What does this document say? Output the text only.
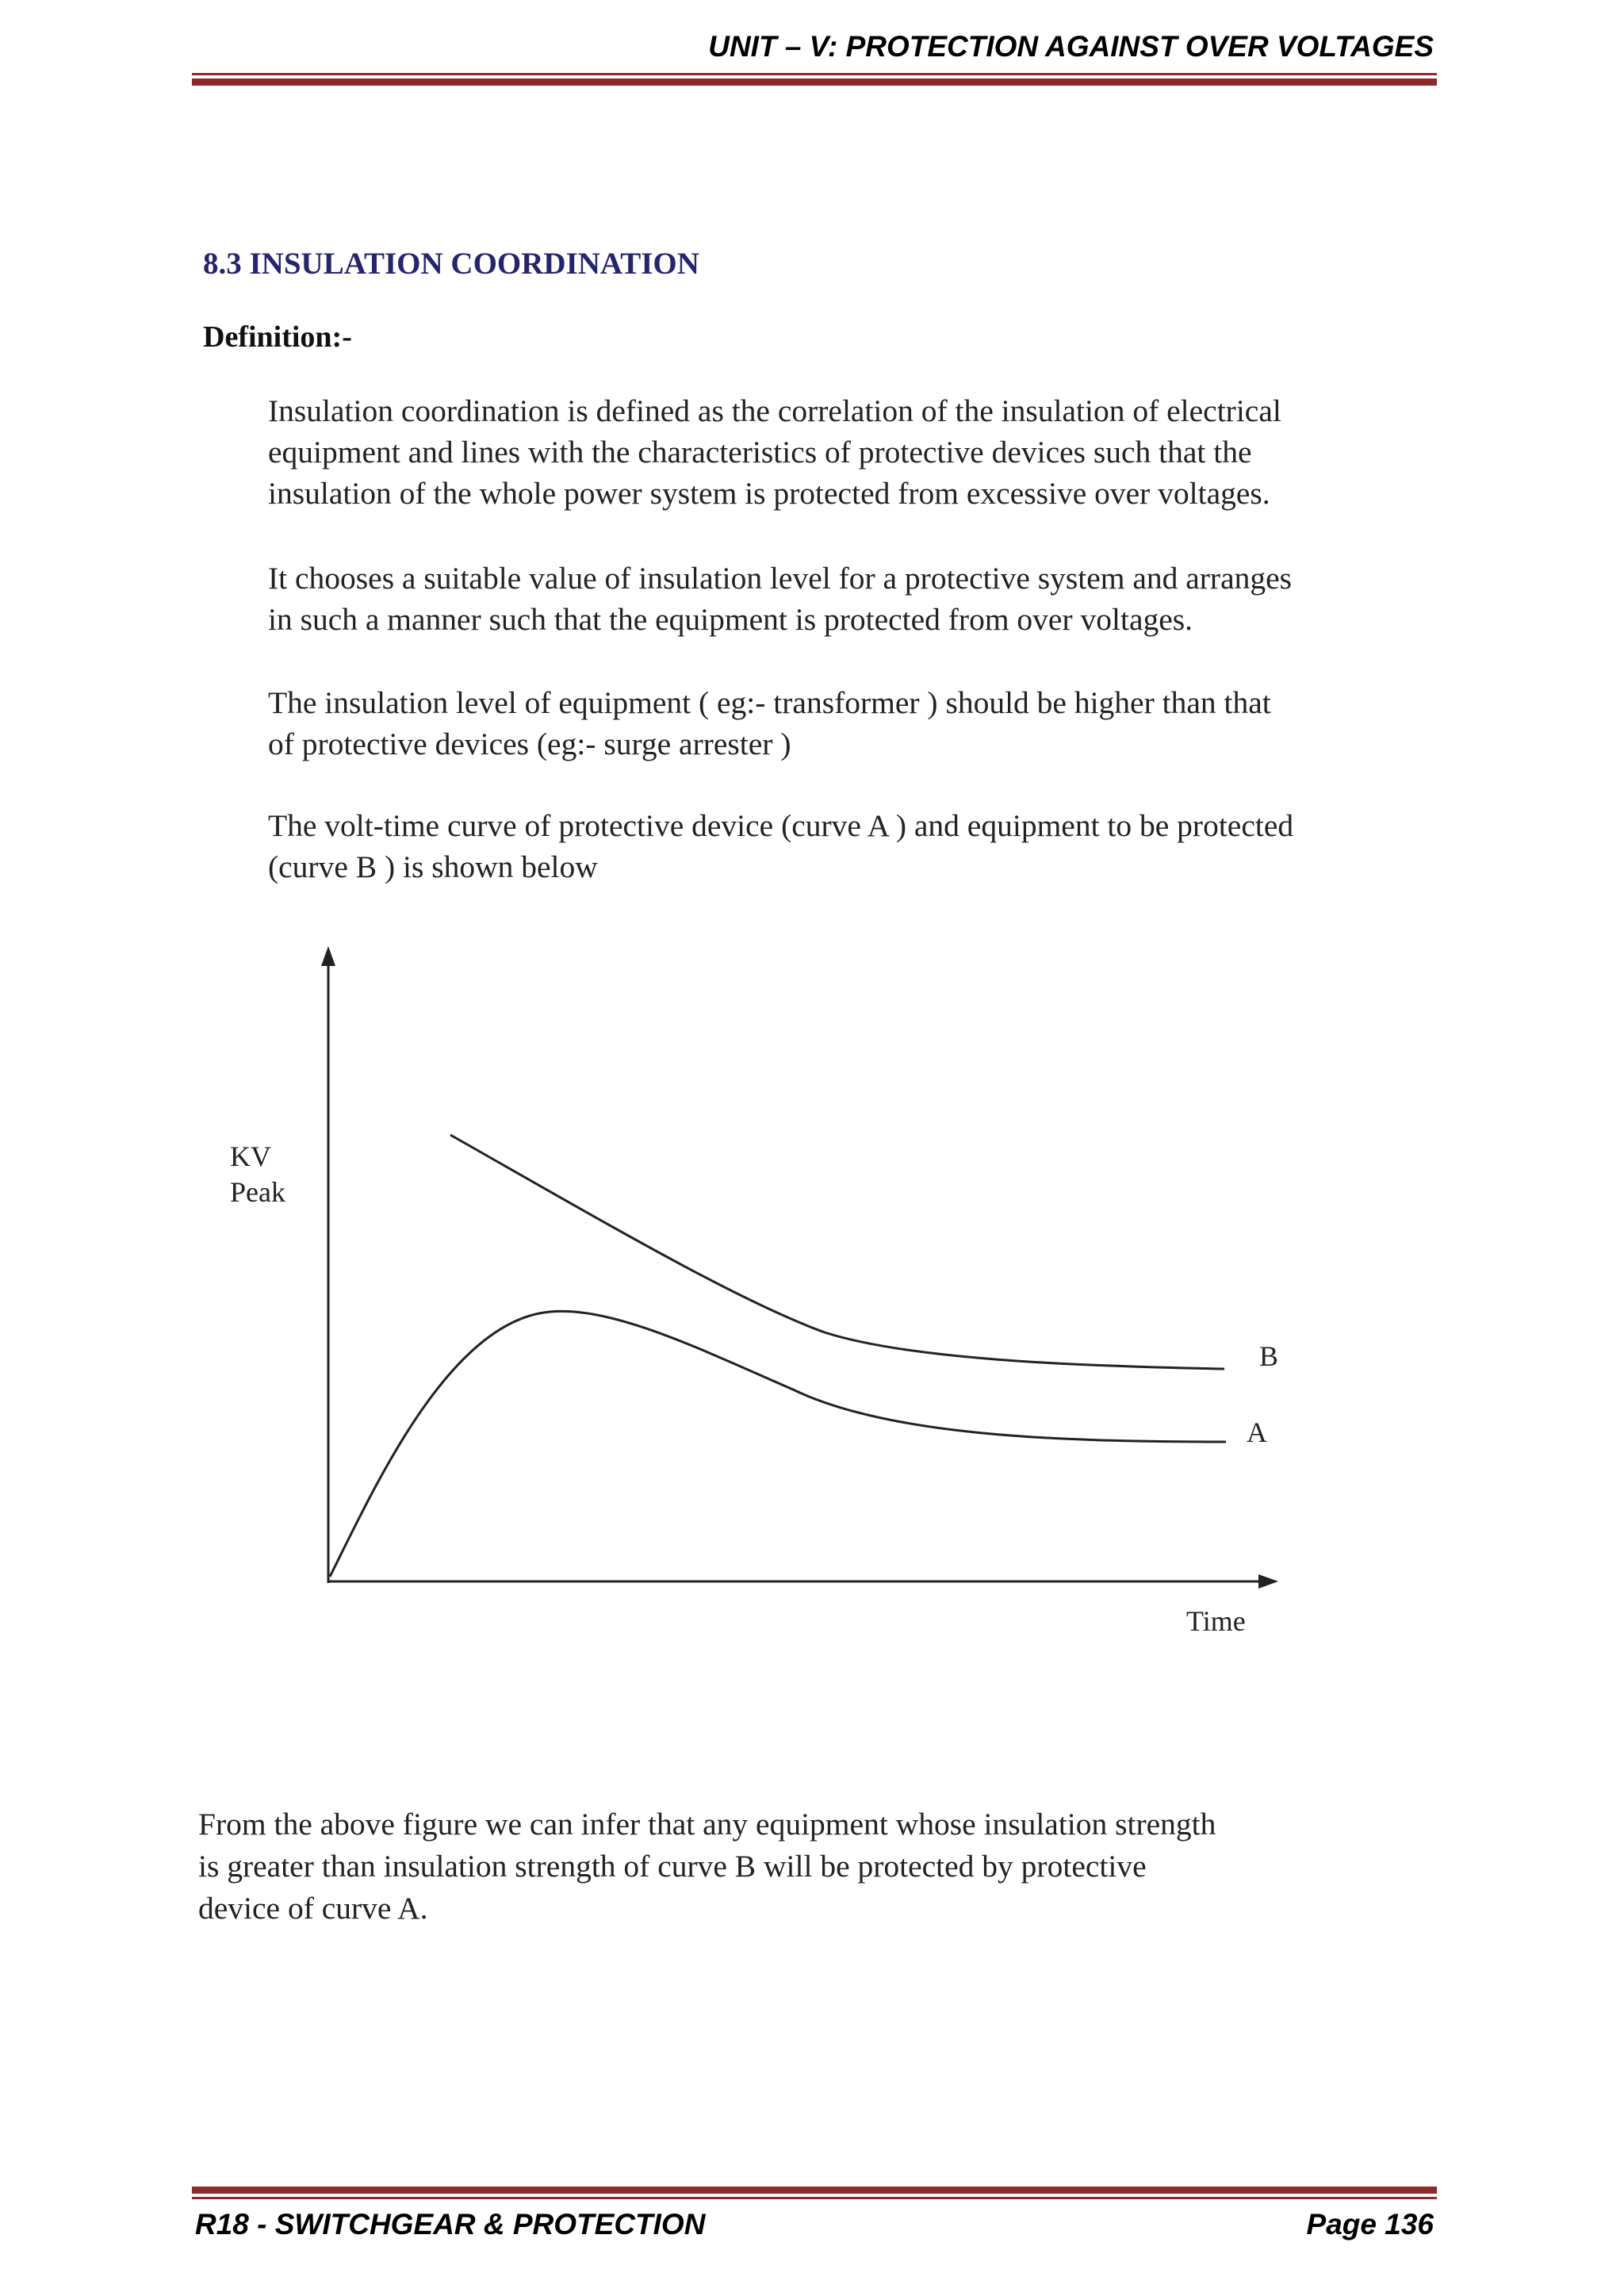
UNIT – V: PROTECTION AGAINST OVER VOLTAGES
8.3 INSULATION COORDINATION
Definition:-
Insulation coordination is defined as the correlation of the insulation of electrical
equipment and lines with the characteristics of protective devices such that the
insulation of the whole power system is protected from excessive over voltages.
It chooses a suitable value of insulation level for a protective system and arranges
in such a manner such that the equipment is protected from over voltages.
The insulation level of equipment ( eg:- transformer ) should be higher than that
of protective devices (eg:- surge arrester )
The volt-time curve of protective device (curve A ) and equipment to be protected
(curve B ) is shown below
KV
Peak
Time
B
A
From the above figure we can infer that any equipment whose insulation strength
is greater than insulation strength of curve B will be protected by protective
device of curve A.
R18 - SWITCHGEAR & PROTECTION	Page 136
